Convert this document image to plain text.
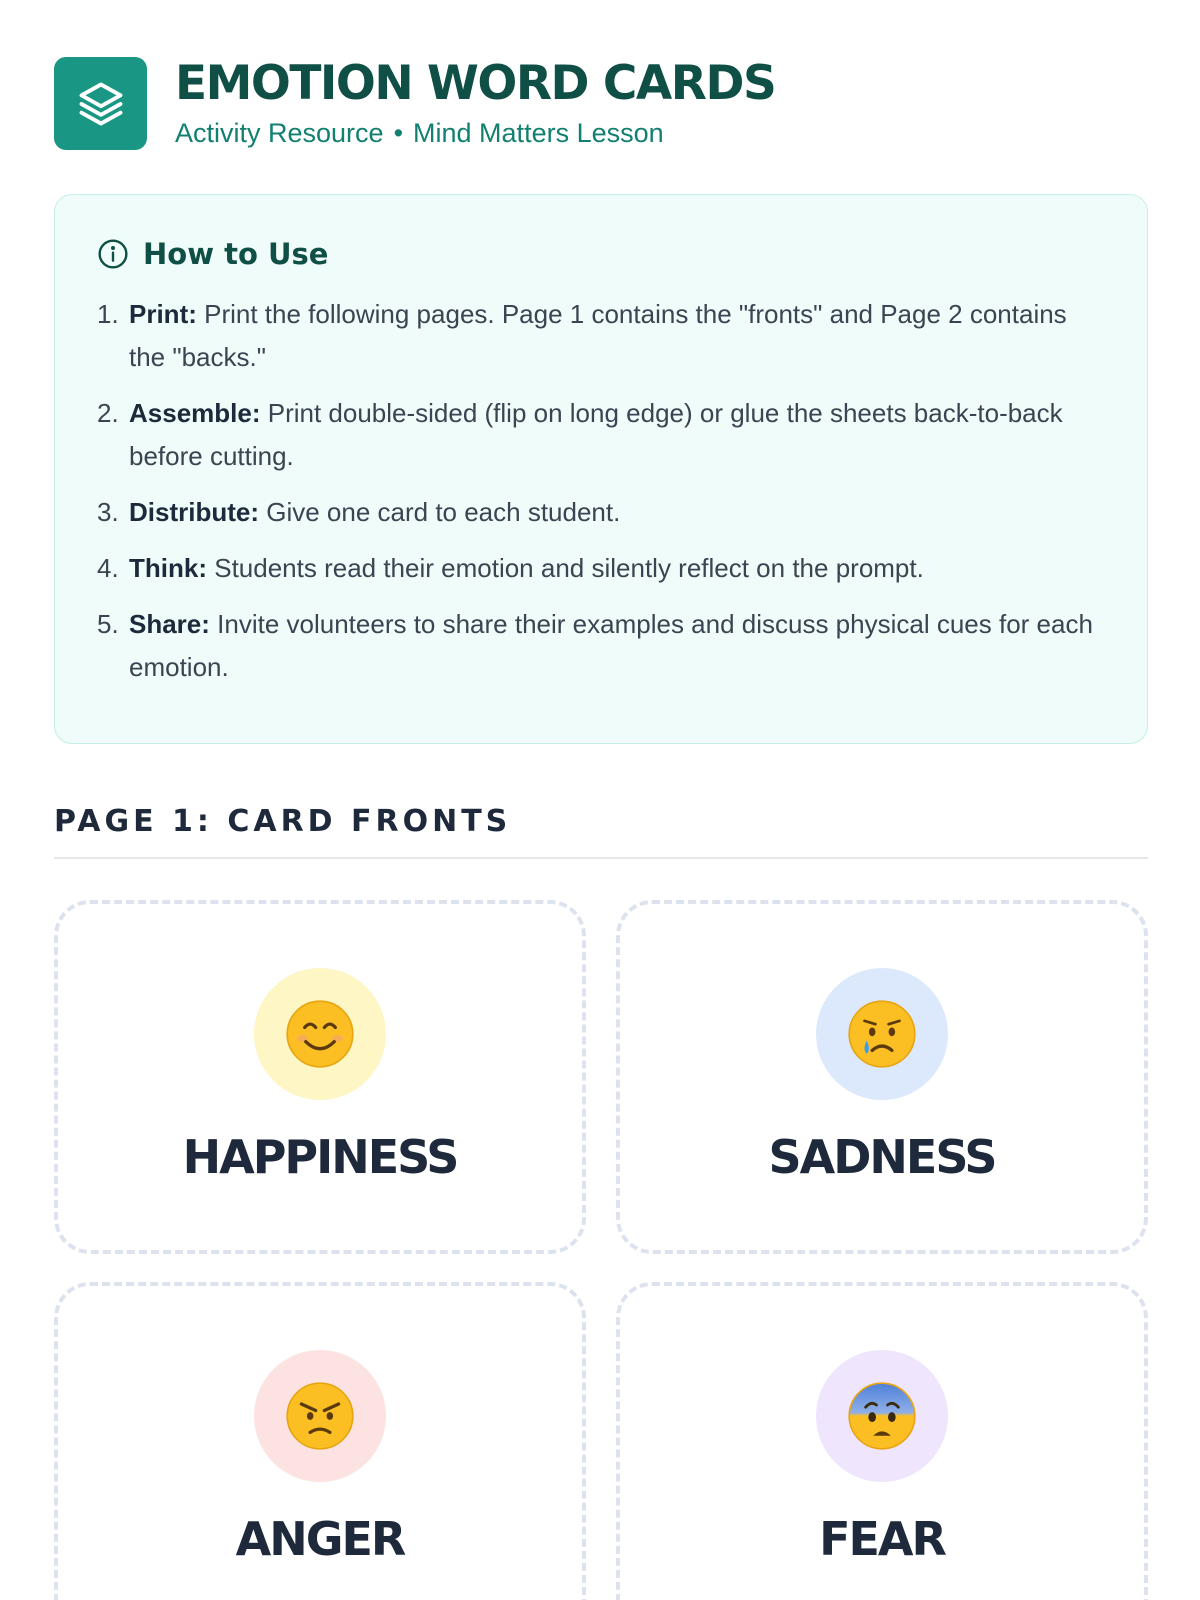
EMOTION WORD CARDS
Activity Resource • Mind Matters Lesson
How to Use
1. Print: Print the following pages. Page 1 contains the "fronts" and Page 2 contains the "backs."
2. Assemble: Print double-sided (flip on long edge) or glue the sheets back-to-back before cutting.
3. Distribute: Give one card to each student.
4. Think: Students read their emotion and silently reflect on the prompt.
5. Share: Invite volunteers to share their examples and discuss physical cues for each emotion.
PAGE 1: CARD FRONTS
HAPPINESS	SADNESS
ANGER	FEAR
